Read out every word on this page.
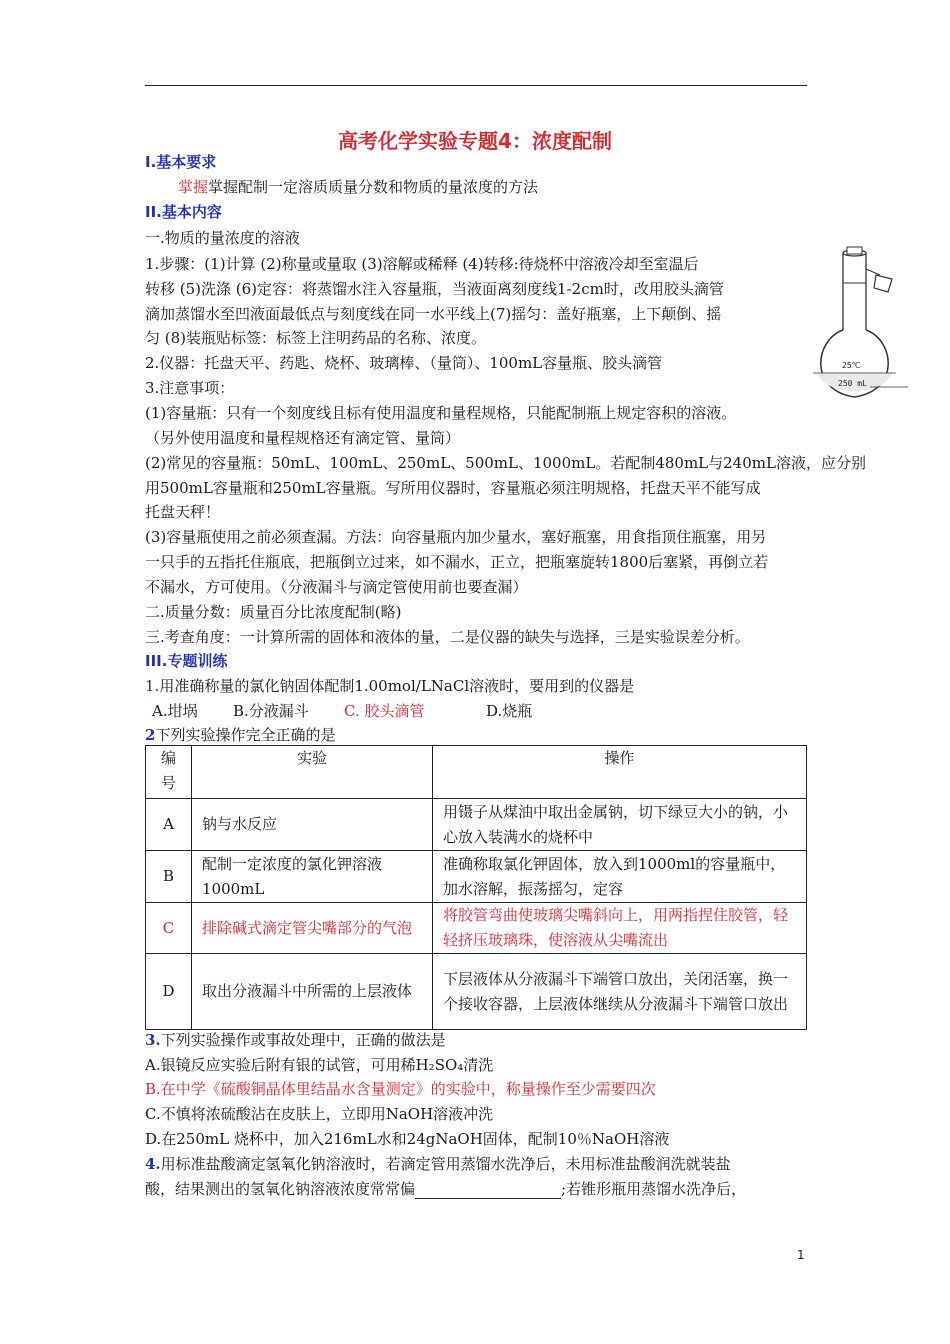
高考化学实验专题4：浓度配制
I.基本要求
掌握掌握配制一定溶质质量分数和物质的量浓度的方法
II.基本内容
一.物质的量浓度的溶液
1.步骤：(1)计算 (2)称量或量取 (3)溶解或稀释 (4)转移:待烧杯中溶液冷却至室温后
转移 (5)洗涤 (6)定容：将蒸馏水注入容量瓶，当液面离刻度线1-2cm时，改用胶头滴管
滴加蒸馏水至凹液面最低点与刻度线在同一水平线上(7)摇匀：盖好瓶塞，上下颠倒、摇
匀 (8)装瓶贴标签：标签上注明药品的名称、浓度。
2.仪器：托盘天平、药匙、烧杯、玻璃棒、（量筒）、100mL容量瓶、胶头滴管
3.注意事项：
(1)容量瓶：只有一个刻度线且标有使用温度和量程规格，只能配制瓶上规定容积的溶液。
（另外使用温度和量程规格还有滴定管、量筒）
(2)常见的容量瓶：50mL、100mL、250mL、500mL、1000mL。若配制480mL与240mL溶液，应分别
用500mL容量瓶和250mL容量瓶。写所用仪器时，容量瓶必须注明规格，托盘天平不能写成
托盘天秤！
(3)容量瓶使用之前必须查漏。方法：向容量瓶内加少量水，塞好瓶塞，用食指顶住瓶塞，用另
一只手的五指托住瓶底，把瓶倒立过来，如不漏水，正立，把瓶塞旋转1800后塞紧，再倒立若
不漏水，方可使用。（分液漏斗与滴定管使用前也要查漏）
二.质量分数：质量百分比浓度配制(略)
三.考查角度：一计算所需的固体和液体的量，二是仪器的缺失与选择，三是实验误差分析。
25℃
250 mL
III.专题训练
1.用准确称量的氯化钠固体配制1.00mol/LNaCl溶液时，要用到的仪器是
A.坩埚 B.分液漏斗 C. 胶头滴管	D.烧瓶
2下列实验操作完全正确的是
编号	实验	操作
A	钠与水反应	用镊子从煤油中取出金属钠，切下绿豆大小的钠，小心放入装满水的烧杯中
B	配制一定浓度的氯化钾溶液1000mL	准确称取氯化钾固体，放入到1000ml的容量瓶中，加水溶解，振荡摇匀，定容
C	排除碱式滴定管尖嘴部分的气泡	将胶管弯曲使玻璃尖嘴斜向上，用两指捏住胶管，轻轻挤压玻璃珠，使溶液从尖嘴流出
D	取出分液漏斗中所需的上层液体	下层液体从分液漏斗下端管口放出，关闭活塞，换一个接收容器，上层液体继续从分液漏斗下端管口放出
3.下列实验操作或事故处理中，正确的做法是
A.银镜反应实验后附有银的试管，可用稀H₂SO₄清洗
B.在中学《硫酸铜晶体里结晶水含量测定》的实验中，称量操作至少需要四次
C.不慎将浓硫酸沾在皮肤上，立即用NaOH溶液冲洗
D.在250mL 烧杯中，加入216mL水和24gNaOH固体，配制10％NaOH溶液
4.用标准盐酸滴定氢氧化钠溶液时，若滴定管用蒸馏水洗净后，未用标准盐酸润洗就装盐
酸，结果测出的氢氧化钠溶液浓度常常偏	;若锥形瓶用蒸馏水洗净后，
1
